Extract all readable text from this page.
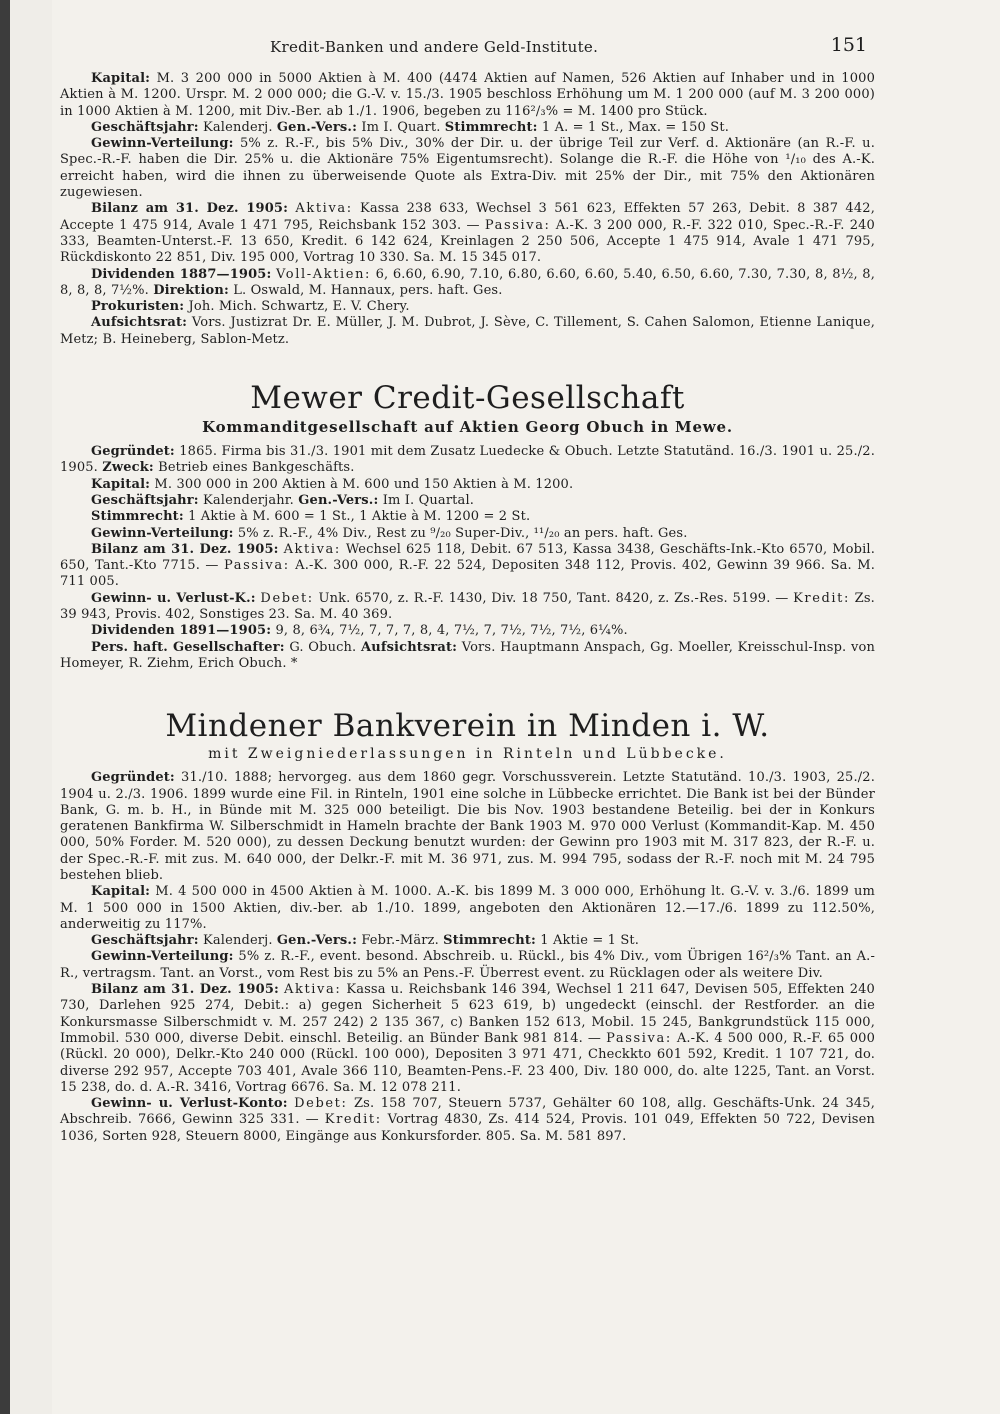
Kredit-Banken und andere Geld-Institute.	151

Kapital: M. 3 200 000 in 5000 Aktien à M. 400 (4474 Aktien auf Namen, 526 Aktien auf Inhaber und in 1000 Aktien à M. 1200. Urspr. M. 2 000 000; die G.-V. v. 15./3. 1905 beschloss Erhöhung um M. 1 200 000 (auf M. 3 200 000) in 1000 Aktien à M. 1200, mit Div.-Ber. ab 1./1. 1906, begeben zu 116²/₃% = M. 1400 pro Stück.

Geschäftsjahr: Kalenderj. Gen.-Vers.: Im I. Quart. Stimmrecht: 1 A. = 1 St., Max. = 150 St.

Gewinn-Verteilung: 5% z. R.-F., bis 5% Div., 30% der Dir. u. der übrige Teil zur Verf. d. Aktionäre (an R.-F. u. Spec.-R.-F. haben die Dir. 25% u. die Aktionäre 75% Eigentumsrecht). Solange die R.-F. die Höhe von ¹/₁₀ des A.-K. erreicht haben, wird die ihnen zu überweisende Quote als Extra-Div. mit 25% der Dir., mit 75% den Aktionären zugewiesen.

Bilanz am 31. Dez. 1905: Aktiva: Kassa 238 633, Wechsel 3 561 623, Effekten 57 263, Debit. 8 387 442, Accepte 1 475 914, Avale 1 471 795, Reichsbank 152 303. — Passiva: A.-K. 3 200 000, R.-F. 322 010, Spec.-R.-F. 240 333, Beamten-Unterst.-F. 13 650, Kredit. 6 142 624, Kreinlagen 2 250 506, Accepte 1 475 914, Avale 1 471 795, Rückdiskonto 22 851, Div. 195 000, Vortrag 10 330. Sa. M. 15 345 017.

Dividenden 1887—1905: Voll-Aktien: 6, 6.60, 6.90, 7.10, 6.80, 6.60, 6.60, 5.40, 6.50, 6.60, 7.30, 7.30, 8, 8½, 8, 8, 8, 8, 7½%. Direktion: L. Oswald, M. Hannaux, pers. haft. Ges.

Prokuristen: Joh. Mich. Schwartz, E. V. Chery.

Aufsichtsrat: Vors. Justizrat Dr. E. Müller, J. M. Dubrot, J. Sève, C. Tillement, S. Cahen Salomon, Etienne Lanique, Metz; B. Heineberg, Sablon-Metz.

Mewer Credit-Gesellschaft
Kommanditgesellschaft auf Aktien Georg Obuch in Mewe.

Gegründet: 1865. Firma bis 31./3. 1901 mit dem Zusatz Luedecke & Obuch. Letzte Statutänd. 16./3. 1901 u. 25./2. 1905. Zweck: Betrieb eines Bankgeschäfts.

Kapital: M. 300 000 in 200 Aktien à M. 600 und 150 Aktien à M. 1200.

Geschäftsjahr: Kalenderjahr. Gen.-Vers.: Im I. Quartal.

Stimmrecht: 1 Aktie à M. 600 = 1 St., 1 Aktie à M. 1200 = 2 St.

Gewinn-Verteilung: 5% z. R.-F., 4% Div., Rest zu ⁹/₂₀ Super-Div., ¹¹/₂₀ an pers. haft. Ges.

Bilanz am 31. Dez. 1905: Aktiva: Wechsel 625 118, Debit. 67 513, Kassa 3438, Geschäfts-Ink.-Kto 6570, Mobil. 650, Tant.-Kto 7715. — Passiva: A.-K. 300 000, R.-F. 22 524, Depositen 348 112, Provis. 402, Gewinn 39 966. Sa. M. 711 005.

Gewinn- u. Verlust-K.: Debet: Unk. 6570, z. R.-F. 1430, Div. 18 750, Tant. 8420, z. Zs.-Res. 5199. — Kredit: Zs. 39 943, Provis. 402, Sonstiges 23. Sa. M. 40 369.

Dividenden 1891—1905: 9, 8, 6¾, 7½, 7, 7, 7, 8, 4, 7½, 7, 7½, 7½, 7½, 6¼%.

Pers. haft. Gesellschafter: G. Obuch. Aufsichtsrat: Vors. Hauptmann Anspach, Gg. Moeller, Kreisschul-Insp. von Homeyer, R. Ziehm, Erich Obuch. *

Mindener Bankverein in Minden i. W.
mit Zweigniederlassungen in Rinteln und Lübbecke.

Gegründet: 31./10. 1888; hervorgeg. aus dem 1860 gegr. Vorschussverein. Letzte Statutänd. 10./3. 1903, 25./2. 1904 u. 2./3. 1906. 1899 wurde eine Fil. in Rinteln, 1901 eine solche in Lübbecke errichtet. Die Bank ist bei der Bünder Bank, G. m. b. H., in Bünde mit M. 325 000 beteiligt. Die bis Nov. 1903 bestandene Beteilig. bei der in Konkurs geratenen Bankfirma W. Silberschmidt in Hameln brachte der Bank 1903 M. 970 000 Verlust (Kommandit-Kap. M. 450 000, 50% Forder. M. 520 000), zu dessen Deckung benutzt wurden: der Gewinn pro 1903 mit M. 317 823, der R.-F. u. der Spec.-R.-F. mit zus. M. 640 000, der Delkr.-F. mit M. 36 971, zus. M. 994 795, sodass der R.-F. noch mit M. 24 795 bestehen blieb.

Kapital: M. 4 500 000 in 4500 Aktien à M. 1000. A.-K. bis 1899 M. 3 000 000, Erhöhung lt. G.-V. v. 3./6. 1899 um M. 1 500 000 in 1500 Aktien, div.-ber. ab 1./10. 1899, angeboten den Aktionären 12.—17./6. 1899 zu 112.50%, anderweitig zu 117%.

Geschäftsjahr: Kalenderj. Gen.-Vers.: Febr.-März. Stimmrecht: 1 Aktie = 1 St.

Gewinn-Verteilung: 5% z. R.-F., event. besond. Abschreib. u. Rückl., bis 4% Div., vom Übrigen 16²/₃% Tant. an A.-R., vertragsm. Tant. an Vorst., vom Rest bis zu 5% an Pens.-F. Überrest event. zu Rücklagen oder als weitere Div.

Bilanz am 31. Dez. 1905: Aktiva: Kassa u. Reichsbank 146 394, Wechsel 1 211 647, Devisen 505, Effekten 240 730, Darlehen 925 274, Debit.: a) gegen Sicherheit 5 623 619, b) ungedeckt (einschl. der Restforder. an die Konkursmasse Silberschmidt v. M. 257 242) 2 135 367, c) Banken 152 613, Mobil. 15 245, Bankgrundstück 115 000, Immobil. 530 000, diverse Debit. einschl. Beteilig. an Bünder Bank 981 814. — Passiva: A.-K. 4 500 000, R.-F. 65 000 (Rückl. 20 000), Delkr.-Kto 240 000 (Rückl. 100 000), Depositen 3 971 471, Checkkto 601 592, Kredit. 1 107 721, do. diverse 292 957, Accepte 703 401, Avale 366 110, Beamten-Pens.-F. 23 400, Div. 180 000, do. alte 1225, Tant. an Vorst. 15 238, do. d. A.-R. 3416, Vortrag 6676. Sa. M. 12 078 211.

Gewinn- u. Verlust-Konto: Debet: Zs. 158 707, Steuern 5737, Gehälter 60 108, allg. Geschäfts-Unk. 24 345, Abschreib. 7666, Gewinn 325 331. — Kredit: Vortrag 4830, Zs. 414 524, Provis. 101 049, Effekten 50 722, Devisen 1036, Sorten 928, Steuern 8000, Eingänge aus Konkursforder. 805. Sa. M. 581 897.
